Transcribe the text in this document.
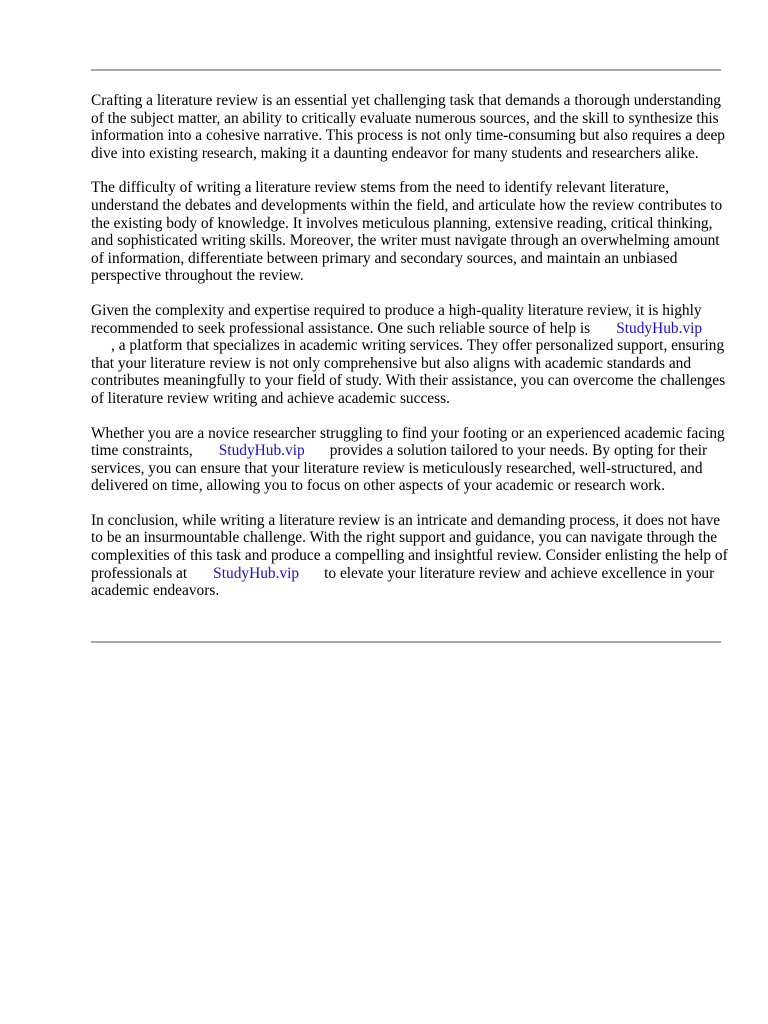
Crafting a literature review is an essential yet challenging task that demands a thorough understanding of the subject matter, an ability to critically evaluate numerous sources, and the skill to synthesize this information into a cohesive narrative. This process is not only time-consuming but also requires a deep dive into existing research, making it a daunting endeavor for many students and researchers alike.

The difficulty of writing a literature review stems from the need to identify relevant literature, understand the debates and developments within the field, and articulate how the review contributes to the existing body of knowledge. It involves meticulous planning, extensive reading, critical thinking, and sophisticated writing skills. Moreover, the writer must navigate through an overwhelming amount of information, differentiate between primary and secondary sources, and maintain an unbiased perspective throughout the review.

Given the complexity and expertise required to produce a high-quality literature review, it is highly recommended to seek professional assistance. One such reliable source of help is StudyHub.vip
, a platform that specializes in academic writing services. They offer personalized support, ensuring that your literature review is not only comprehensive but also aligns with academic standards and contributes meaningfully to your field of study. With their assistance, you can overcome the challenges of literature review writing and achieve academic success.

Whether you are a novice researcher struggling to find your footing or an experienced academic facing time constraints, StudyHub.vip provides a solution tailored to your needs. By opting for their services, you can ensure that your literature review is meticulously researched, well-structured, and delivered on time, allowing you to focus on other aspects of your academic or research work.

In conclusion, while writing a literature review is an intricate and demanding process, it does not have to be an insurmountable challenge. With the right support and guidance, you can navigate through the complexities of this task and produce a compelling and insightful review. Consider enlisting the help of professionals at StudyHub.vip to elevate your literature review and achieve excellence in your academic endeavors.
